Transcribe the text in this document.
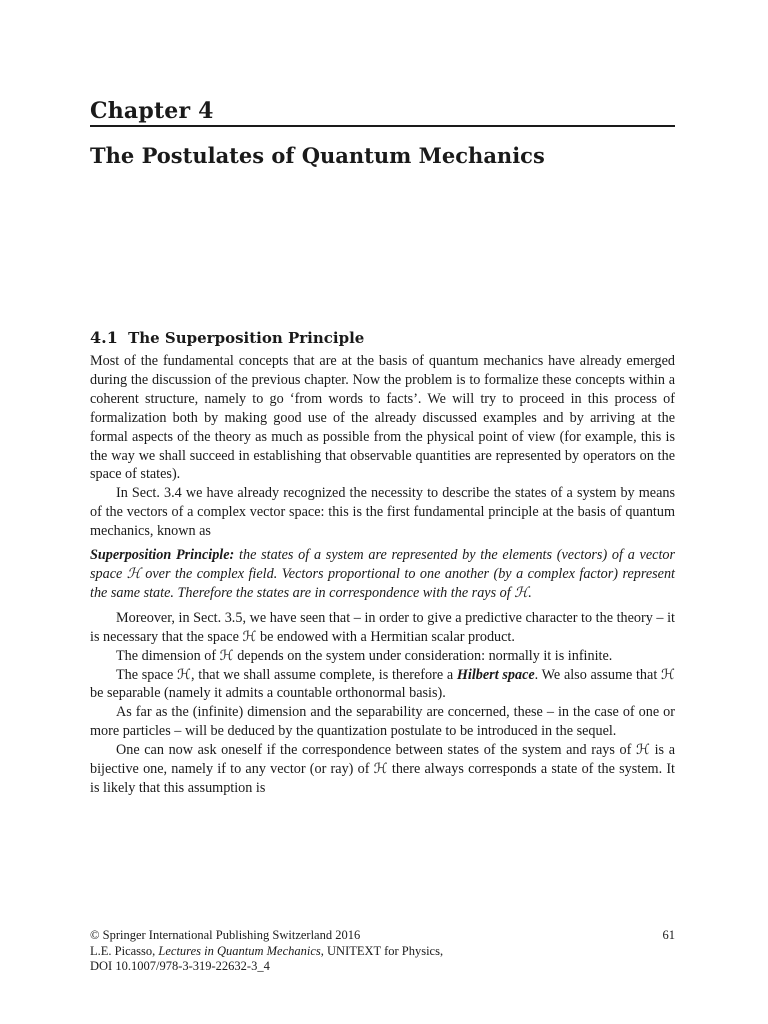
Chapter 4
The Postulates of Quantum Mechanics
4.1 The Superposition Principle

Most of the fundamental concepts that are at the basis of quantum mechanics have already emerged during the discussion of the previous chapter. Now the problem is to formalize these concepts within a coherent structure, namely to go ‘from words to facts’. We will try to proceed in this process of formalization both by making good use of the already discussed examples and by arriving at the formal aspects of the theory as much as possible from the physical point of view (for example, this is the way we shall succeed in establishing that observable quantities are represented by operators on the space of states).

In Sect. 3.4 we have already recognized the necessity to describe the states of a system by means of the vectors of a complex vector space: this is the first fundamental principle at the basis of quantum mechanics, known as

Superposition Principle: the states of a system are represented by the elements (vectors) of a vector space ℋ over the complex field. Vectors proportional to one another (by a complex factor) represent the same state. Therefore the states are in correspondence with the rays of ℋ.

Moreover, in Sect. 3.5, we have seen that – in order to give a predictive character to the theory – it is necessary that the space ℋ be endowed with a Hermitian scalar product.

The dimension of ℋ depends on the system under consideration: normally it is infinite.

The space ℋ, that we shall assume complete, is therefore a Hilbert space. We also assume that ℋ be separable (namely it admits a countable orthonormal basis).

As far as the (infinite) dimension and the separability are concerned, these – in the case of one or more particles – will be deduced by the quantization postulate to be introduced in the sequel.

One can now ask oneself if the correspondence between states of the system and rays of ℋ is a bijective one, namely if to any vector (or ray) of ℋ there always corresponds a state of the system. It is likely that this assumption is

© Springer International Publishing Switzerland 2016	61
L.E. Picasso, Lectures in Quantum Mechanics, UNITEXT for Physics,
DOI 10.1007/978-3-319-22632-3_4
